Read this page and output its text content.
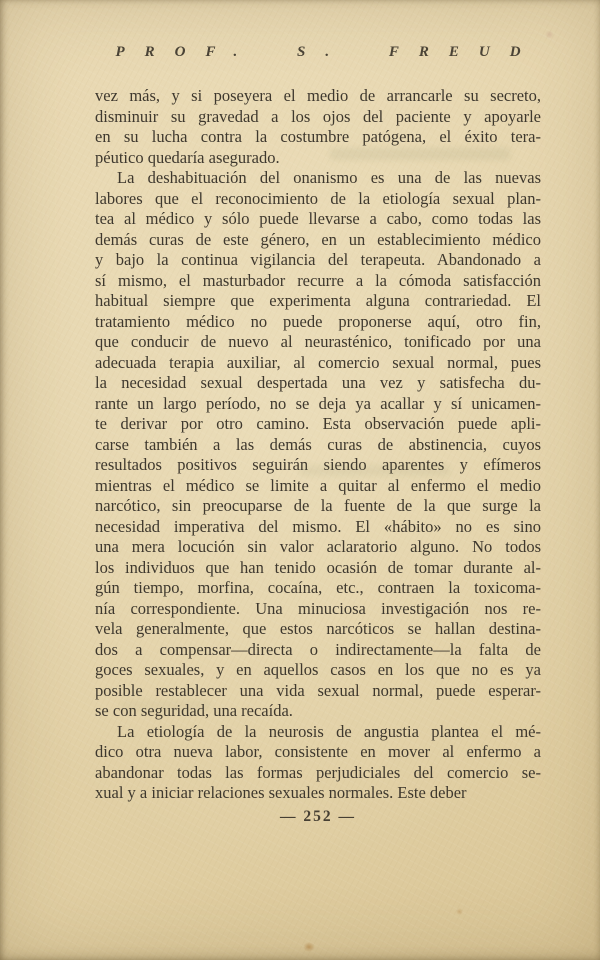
PROF. S. FREUD
vez más, y si poseyera el medio de arrancarle su secreto,
disminuir su gravedad a los ojos del paciente y apoyarle
en su lucha contra la costumbre patógena, el éxito tera-
péutico quedaría asegurado.
La deshabituación del onanismo es una de las nuevas
labores que el reconocimiento de la etiología sexual plan-
tea al médico y sólo puede llevarse a cabo, como todas las
demás curas de este género, en un establecimiento médico
y bajo la continua vigilancia del terapeuta. Abandonado a
sí mismo, el masturbador recurre a la cómoda satisfacción
habitual siempre que experimenta alguna contrariedad. El
tratamiento médico no puede proponerse aquí, otro fin,
que conducir de nuevo al neurasténico, tonificado por una
adecuada terapia auxiliar, al comercio sexual normal, pues
la necesidad sexual despertada una vez y satisfecha du-
rante un largo período, no se deja ya acallar y sí unicamen-
te derivar por otro camino. Esta observación puede apli-
carse también a las demás curas de abstinencia, cuyos
resultados positivos seguirán siendo aparentes y efímeros
mientras el médico se limite a quitar al enfermo el medio
narcótico, sin preocuparse de la fuente de la que surge la
necesidad imperativa del mismo. El «hábito» no es sino
una mera locución sin valor aclaratorio alguno. No todos
los individuos que han tenido ocasión de tomar durante al-
gún tiempo, morfina, cocaína, etc., contraen la toxicoma-
nía correspondiente. Una minuciosa investigación nos re-
vela generalmente, que estos narcóticos se hallan destina-
dos a compensar—directa o indirectamente—la falta de
goces sexuales, y en aquellos casos en los que no es ya
posible restablecer una vida sexual normal, puede esperar-
se con seguridad, una recaída.
La etiología de la neurosis de angustia plantea el mé-
dico otra nueva labor, consistente en mover al enfermo a
abandonar todas las formas perjudiciales del comercio se-
xual y a iniciar relaciones sexuales normales. Este deber
— 252 —
